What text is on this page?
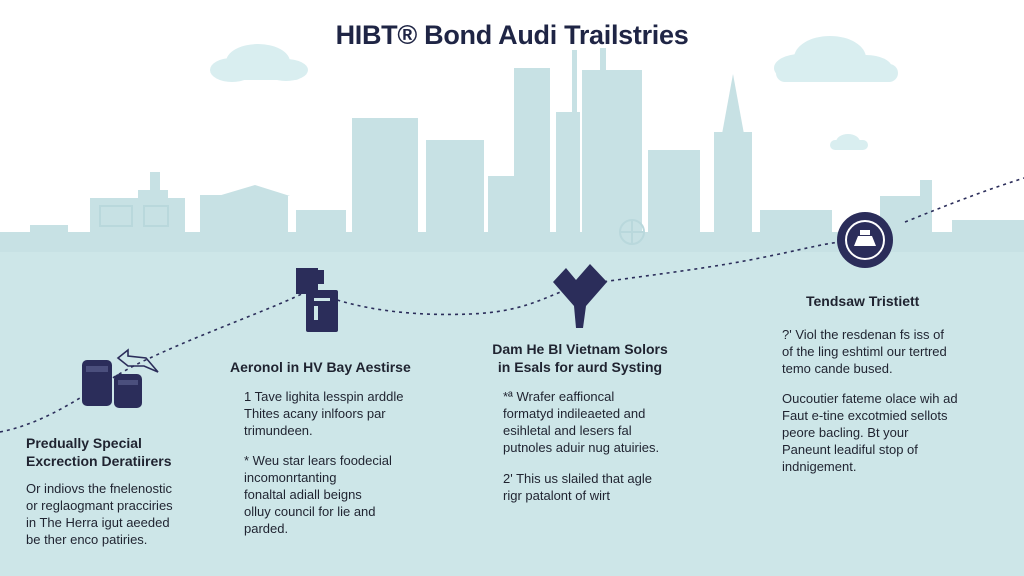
HIBT® Bond Audi Trailstries
Predually Special
Excrection Deratiirers
Or indiovs the fnelenostic
or reglaogmant pracciries
in The Herra igut aeeded
be ther enco patiries.
Aeronol in HV Bay Aestirse
1 Tave lighita lesspin arddle
Thites acany inlfoors par
trimundeen.
* Weu star lears foodecial
incomonrtanting
fonaltal adiall beigns
olluy council for lie and
parded.
Dam He Bl Vietnam Solors
in Esals for aurd Systing
*ª Wrafer eaffioncal
formatyd indileaeted and
esihletal and lesers fal
putnoles aduir nug atuiries.
2' This us slailed that agle
rigr patalont of wirt
Tendsaw Tristiett
?' Viol the resdenan fs iss of
of the ling eshtiml our tertred
temo cande bused.
Oucoutier fateme olace wih ad
Faut e-tine excotmied sellots
peore bacling. Bt your
Paneunt leadiful stop of
indnigement.
